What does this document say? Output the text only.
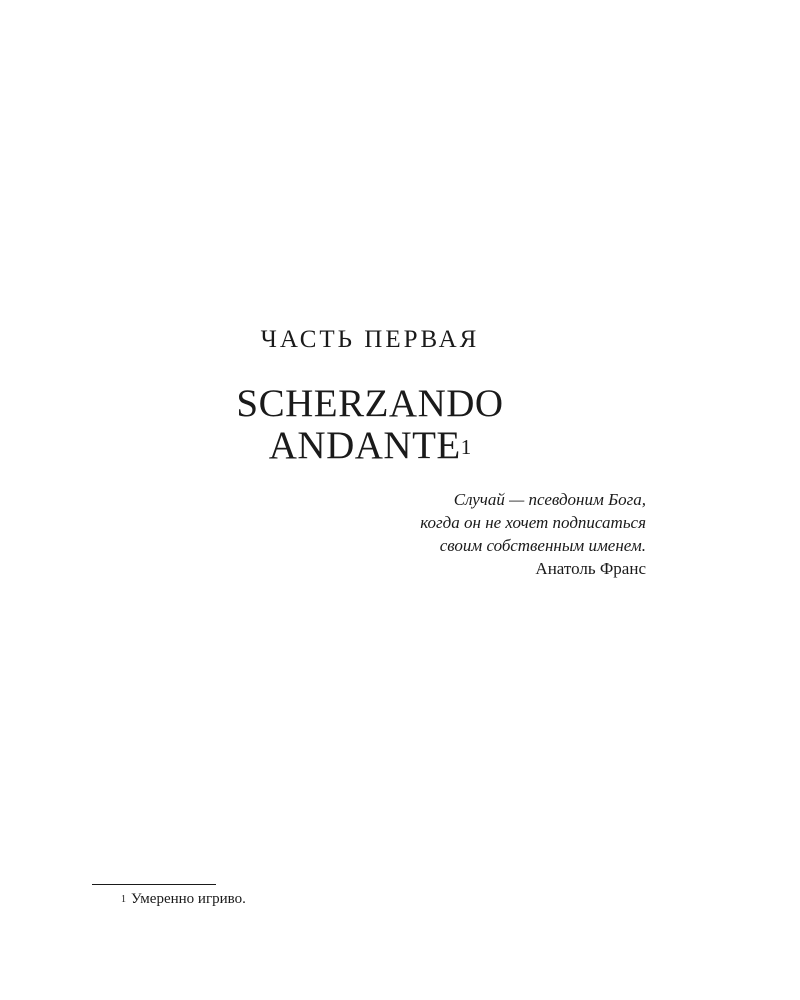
ЧАСТЬ ПЕРВАЯ
SCHERZANDO
ANDANTE$^1$
Случай — псевдоним Бога,
когда он не хочет подписаться
своим собственным именем.
Анатоль Франс
$^1$ Умеренно игриво.
